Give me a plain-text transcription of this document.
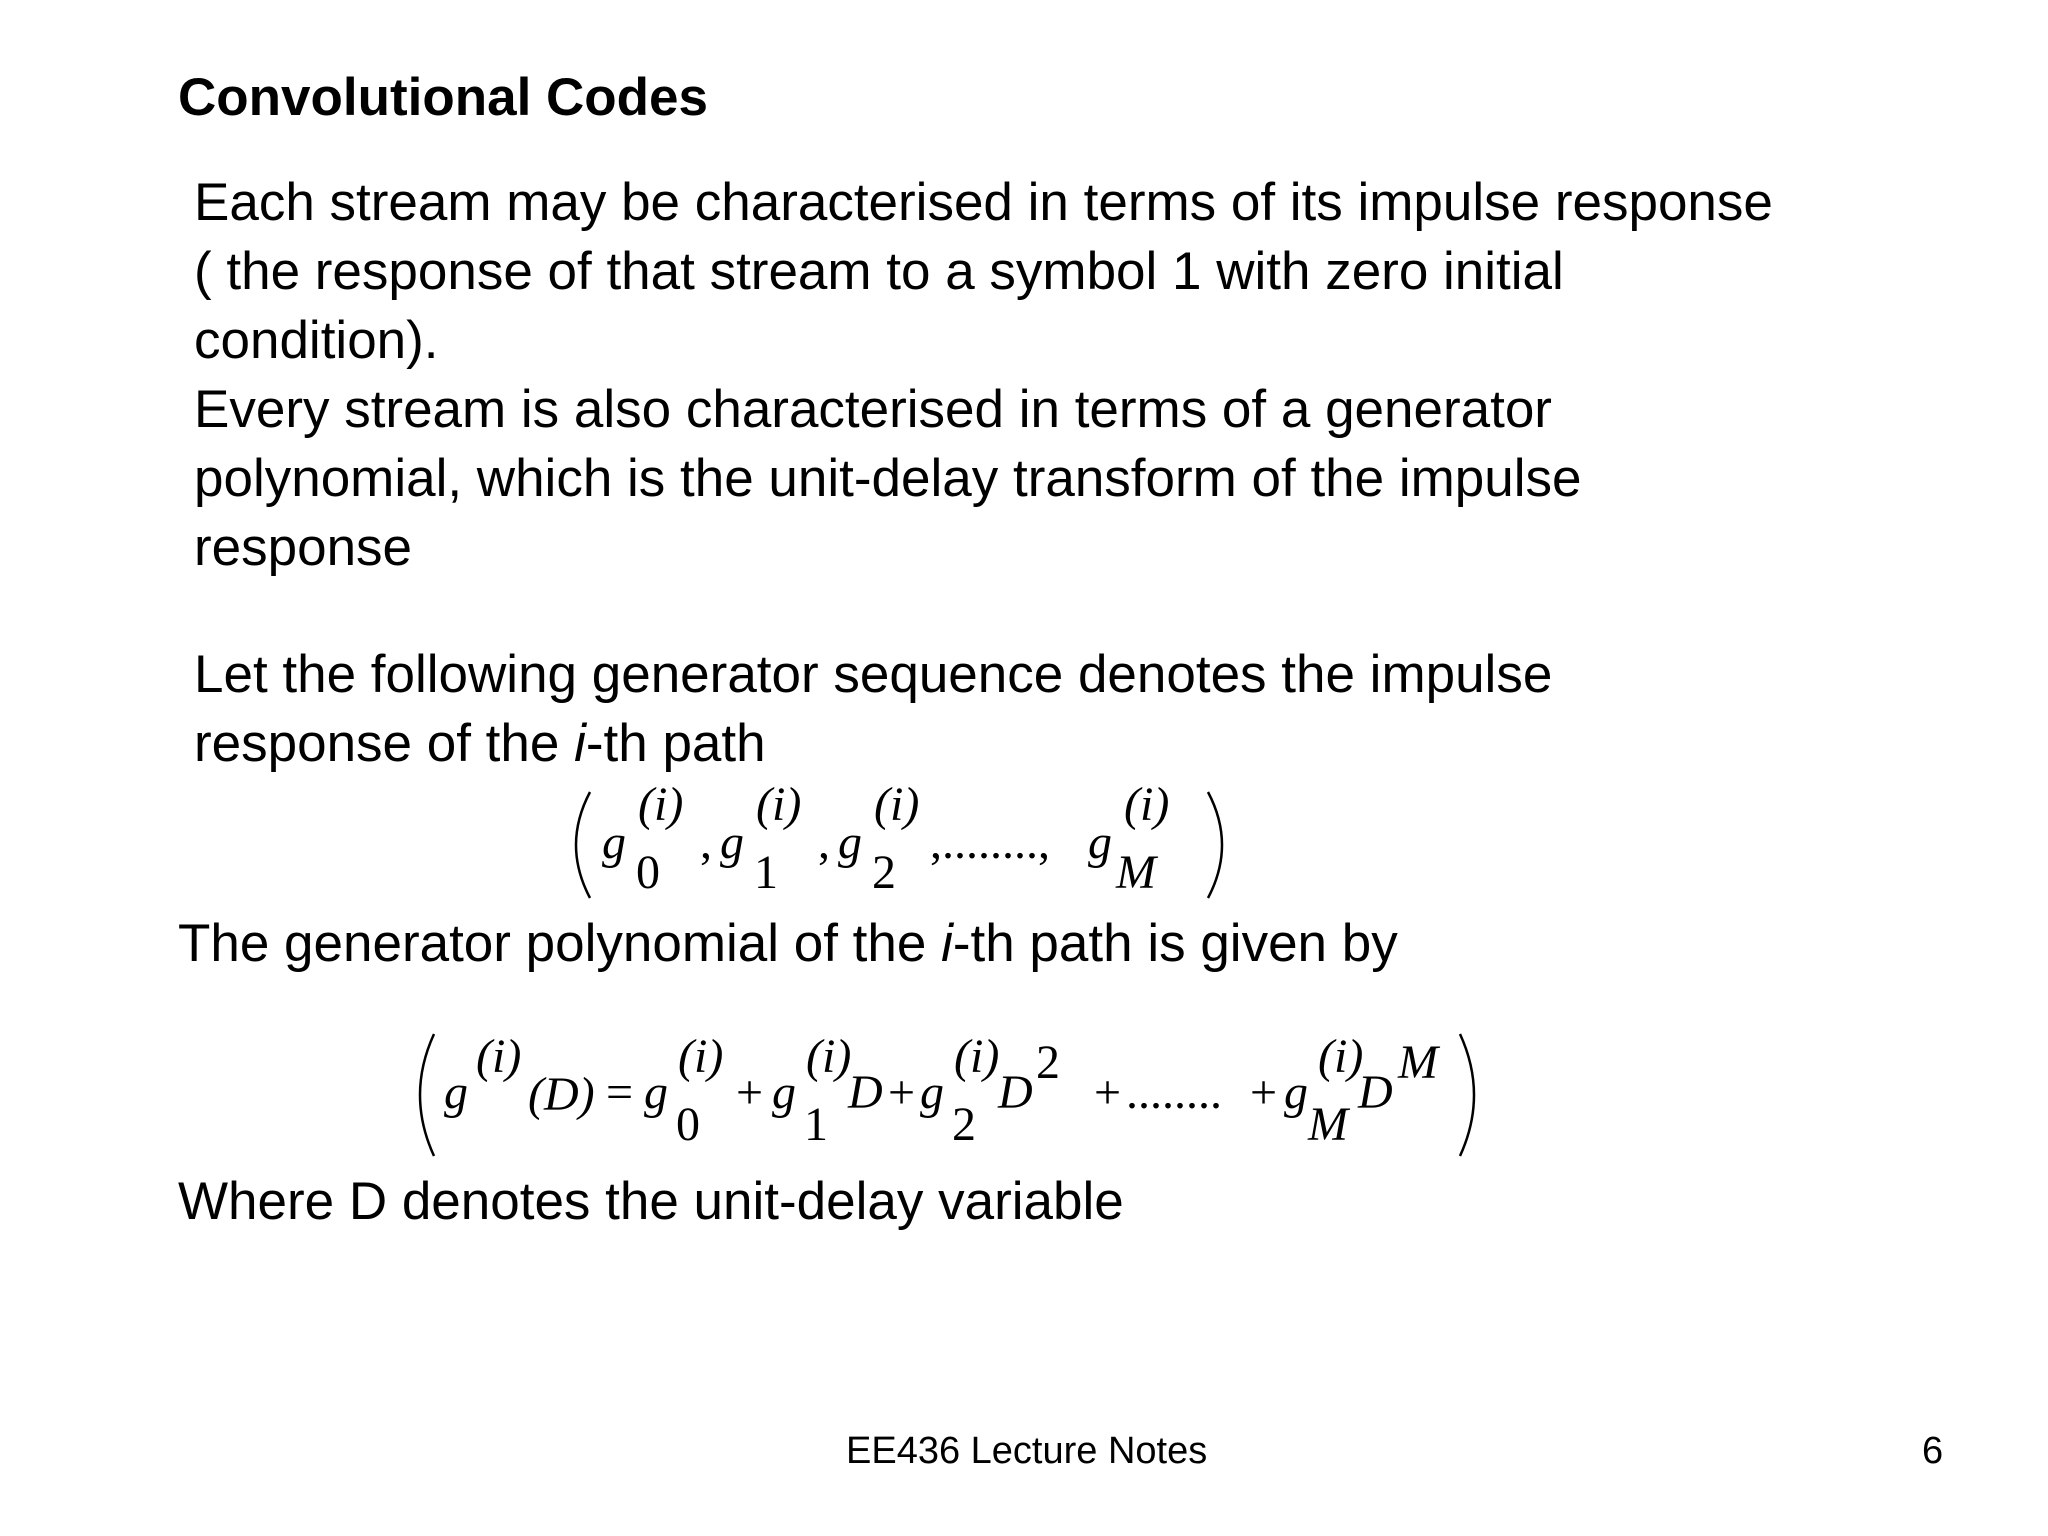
Convolutional Codes
Each stream may be characterised in terms of its impulse response
( the response of that stream to a symbol 1 with zero initial
condition).
Every stream is also characterised in terms of a generator
polynomial, which is the unit-delay transform of the impulse
response
Let the following generator sequence denotes the impulse
response of the i-th path
g
(i)
0
, g
(i)
1
, g
(i)
2
,........, g
(i)
M
The generator polynomial of the i-th path is given by
g
(i)
(D) = g
(i)
0
+ g
(i)
1
D + g
(i)
2
D
2
+ ........ + g
(i)
M
D
M
Where D denotes the unit-delay variable
EE436 Lecture Notes	6
